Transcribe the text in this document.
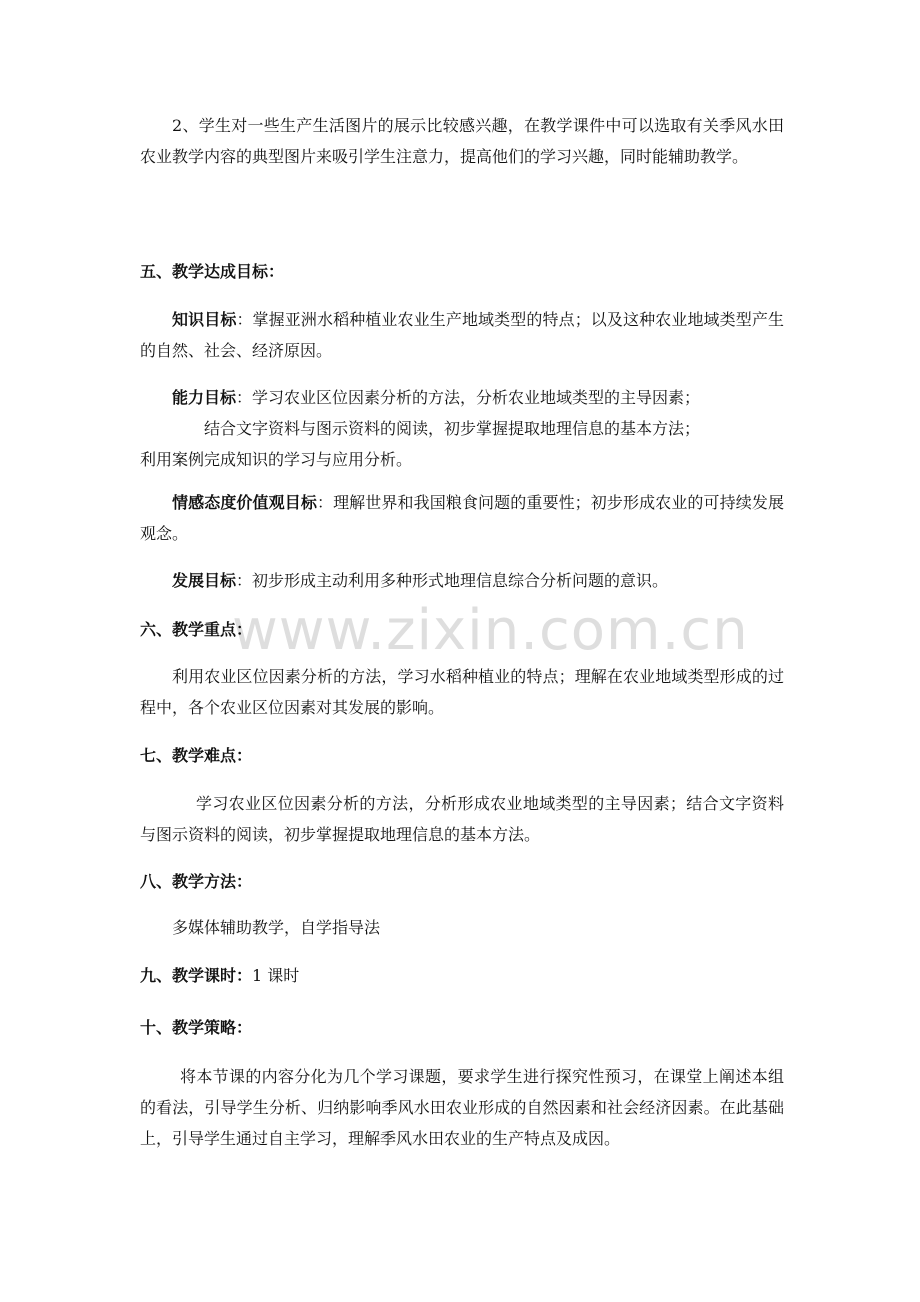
2、学生对一些生产生活图片的展示比较感兴趣，在教学课件中可以选取有关季风水田农业教学内容的典型图片来吸引学生注意力，提高他们的学习兴趣，同时能辅助教学。

五、教学达成目标：

知识目标：掌握亚洲水稻种植业农业生产地域类型的特点；以及这种农业地域类型产生的自然、社会、经济原因。

能力目标：学习农业区位因素分析的方法，分析农业地域类型的主导因素；
结合文字资料与图示资料的阅读，初步掌握提取地理信息的基本方法；
利用案例完成知识的学习与应用分析。

情感态度价值观目标：理解世界和我国粮食问题的重要性；初步形成农业的可持续发展观念。

发展目标：初步形成主动利用多种形式地理信息综合分析问题的意识。

www.zixin.com.cn

六、教学重点：

利用农业区位因素分析的方法，学习水稻种植业的特点；理解在农业地域类型形成的过程中，各个农业区位因素对其发展的影响。

七、教学难点：

学习农业区位因素分析的方法，分析形成农业地域类型的主导因素；结合文字资料与图示资料的阅读，初步掌握提取地理信息的基本方法。

八、教学方法：

多媒体辅助教学，自学指导法

九、教学课时：1 课时

十、教学策略：

将本节课的内容分化为几个学习课题，要求学生进行探究性预习，在课堂上阐述本组的看法，引导学生分析、归纳影响季风水田农业形成的自然因素和社会经济因素。在此基础上，引导学生通过自主学习，理解季风水田农业的生产特点及成因。
